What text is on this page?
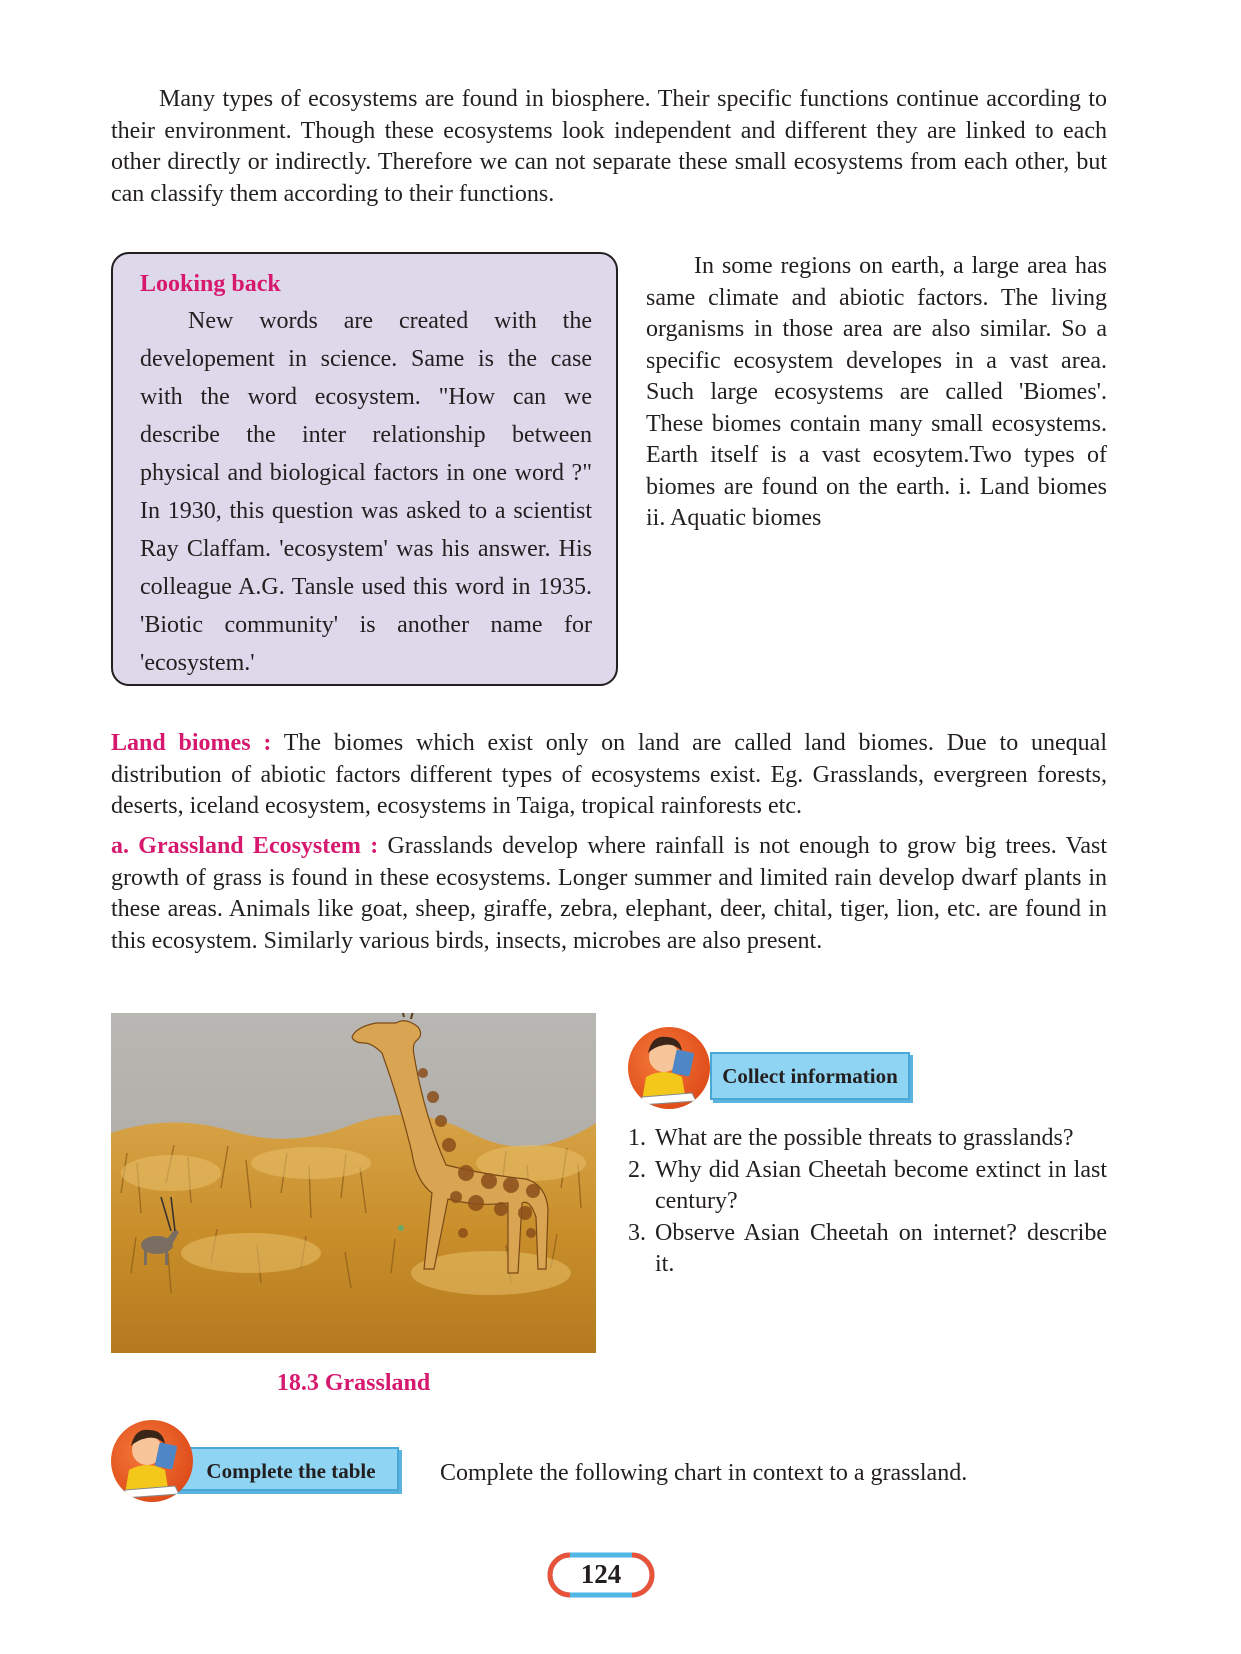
Many types of ecosystems are found in biosphere. Their specific functions continue according to their environment. Though these ecosystems look independent and different they are linked to each other directly or indirectly. Therefore we can not separate these small ecosystems from each other, but can classify them according to their functions.

Looking back
New words are created with the developement in science. Same is the case with the word ecosystem. "How can we describe the inter relationship between physical and biological factors in one word ?" In 1930, this question was asked to a scientist Ray Claffam. 'ecosystem' was his answer. His colleague A.G. Tansle used this word in 1935. 'Biotic community' is another name for 'ecosystem.'

In some regions on earth, a large area has same climate and abiotic factors. The living organisms in those area are also similar. So a specific ecosystem developes in a vast area. Such large ecosystems are called 'Biomes'. These biomes contain many small ecosystems. Earth itself is a vast ecosytem.Two types of biomes are found on the earth. i. Land biomes ii. Aquatic biomes

Land biomes : The biomes which exist only on land are called land biomes. Due to unequal distribution of abiotic factors different types of ecosystems exist. Eg. Grasslands, evergreen forests, deserts, iceland ecosystem, ecosystems in Taiga, tropical rainforests etc.

a. Grassland Ecosystem : Grasslands develop where rainfall is not enough to grow big trees. Vast growth of grass is found in these ecosystems. Longer summer and limited rain develop dwarf plants in these areas. Animals like goat, sheep, giraffe, zebra, elephant, deer, chital, tiger, lion, etc. are found in this ecosystem. Similarly various birds, insects, microbes are also present.

18.3 Grassland
Collect information
1. What are the possible threats to grasslands?
2. Why did Asian Cheetah become extinct in last century?
3. Observe Asian Cheetah on internet? describe it.
Complete the table	Complete the following chart in context to a grassland.
124
